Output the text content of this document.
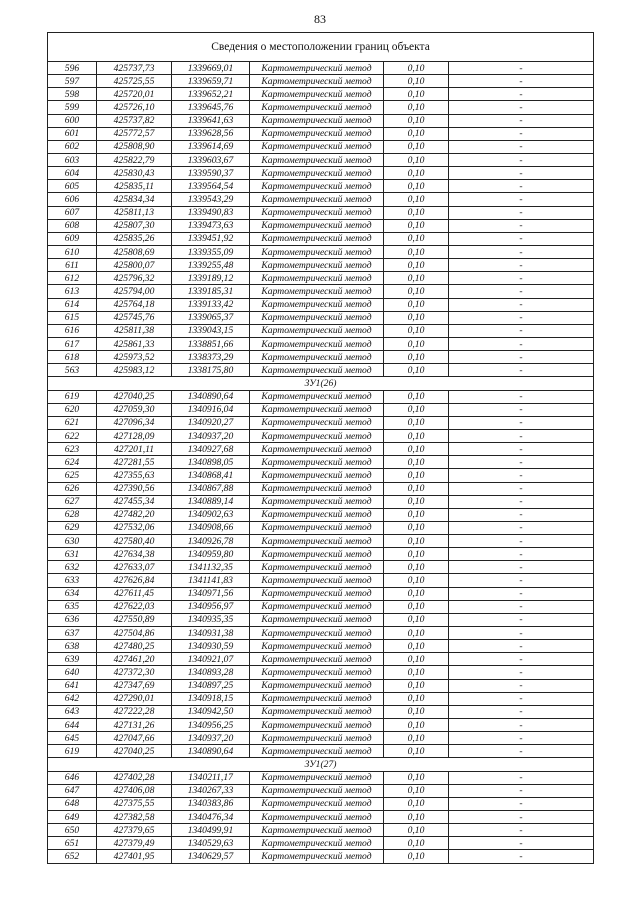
83
Сведения о местоположении границ объекта					
596	425737,73	1339669,01	Картометрический метод	0,10	-
597	425725,55	1339659,71	Картометрический метод	0,10	-
598	425720,01	1339652,21	Картометрический метод	0,10	-
599	425726,10	1339645,76	Картометрический метод	0,10	-
600	425737,82	1339641,63	Картометрический метод	0,10	-
601	425772,57	1339628,56	Картометрический метод	0,10	-
602	425808,90	1339614,69	Картометрический метод	0,10	-
603	425822,79	1339603,67	Картометрический метод	0,10	-
604	425830,43	1339590,37	Картометрический метод	0,10	-
605	425835,11	1339564,54	Картометрический метод	0,10	-
606	425834,34	1339543,29	Картометрический метод	0,10	-
607	425811,13	1339490,83	Картометрический метод	0,10	-
608	425807,30	1339473,63	Картометрический метод	0,10	-
609	425835,26	1339451,92	Картометрический метод	0,10	-
610	425808,69	1339355,09	Картометрический метод	0,10	-
611	425800,07	1339255,48	Картометрический метод	0,10	-
612	425796,32	1339189,12	Картометрический метод	0,10	-
613	425794,00	1339185,31	Картометрический метод	0,10	-
614	425764,18	1339133,42	Картометрический метод	0,10	-
615	425745,76	1339065,37	Картометрический метод	0,10	-
616	425811,38	1339043,15	Картометрический метод	0,10	-
617	425861,33	1338851,66	Картометрический метод	0,10	-
618	425973,52	1338373,29	Картометрический метод	0,10	-
563	425983,12	1338175,80	Картометрический метод	0,10	-
ЗУ1(26)					
619	427040,25	1340890,64	Картометрический метод	0,10	-
620	427059,30	1340916,04	Картометрический метод	0,10	-
621	427096,34	1340920,27	Картометрический метод	0,10	-
622	427128,09	1340937,20	Картометрический метод	0,10	-
623	427201,11	1340927,68	Картометрический метод	0,10	-
624	427281,55	1340898,05	Картометрический метод	0,10	-
625	427355,63	1340868,41	Картометрический метод	0,10	-
626	427390,56	1340867,88	Картометрический метод	0,10	-
627	427455,34	1340889,14	Картометрический метод	0,10	-
628	427482,20	1340902,63	Картометрический метод	0,10	-
629	427532,06	1340908,66	Картометрический метод	0,10	-
630	427580,40	1340926,78	Картометрический метод	0,10	-
631	427634,38	1340959,80	Картометрический метод	0,10	-
632	427633,07	1341132,35	Картометрический метод	0,10	-
633	427626,84	1341141,83	Картометрический метод	0,10	-
634	427611,45	1340971,56	Картометрический метод	0,10	-
635	427622,03	1340956,97	Картометрический метод	0,10	-
636	427550,89	1340935,35	Картометрический метод	0,10	-
637	427504,86	1340931,38	Картометрический метод	0,10	-
638	427480,25	1340930,59	Картометрический метод	0,10	-
639	427461,20	1340921,07	Картометрический метод	0,10	-
640	427372,30	1340893,28	Картометрический метод	0,10	-
641	427347,69	1340897,25	Картометрический метод	0,10	-
642	427290,01	1340918,15	Картометрический метод	0,10	-
643	427222,28	1340942,50	Картометрический метод	0,10	-
644	427131,26	1340956,25	Картометрический метод	0,10	-
645	427047,66	1340937,20	Картометрический метод	0,10	-
619	427040,25	1340890,64	Картометрический метод	0,10	-
ЗУ1(27)					
646	427402,28	1340211,17	Картометрический метод	0,10	-
647	427406,08	1340267,33	Картометрический метод	0,10	-
648	427375,55	1340383,86	Картометрический метод	0,10	-
649	427382,58	1340476,34	Картометрический метод	0,10	-
650	427379,65	1340499,91	Картометрический метод	0,10	-
651	427379,49	1340529,63	Картометрический метод	0,10	-
652	427401,95	1340629,57	Картометрический метод	0,10	-
